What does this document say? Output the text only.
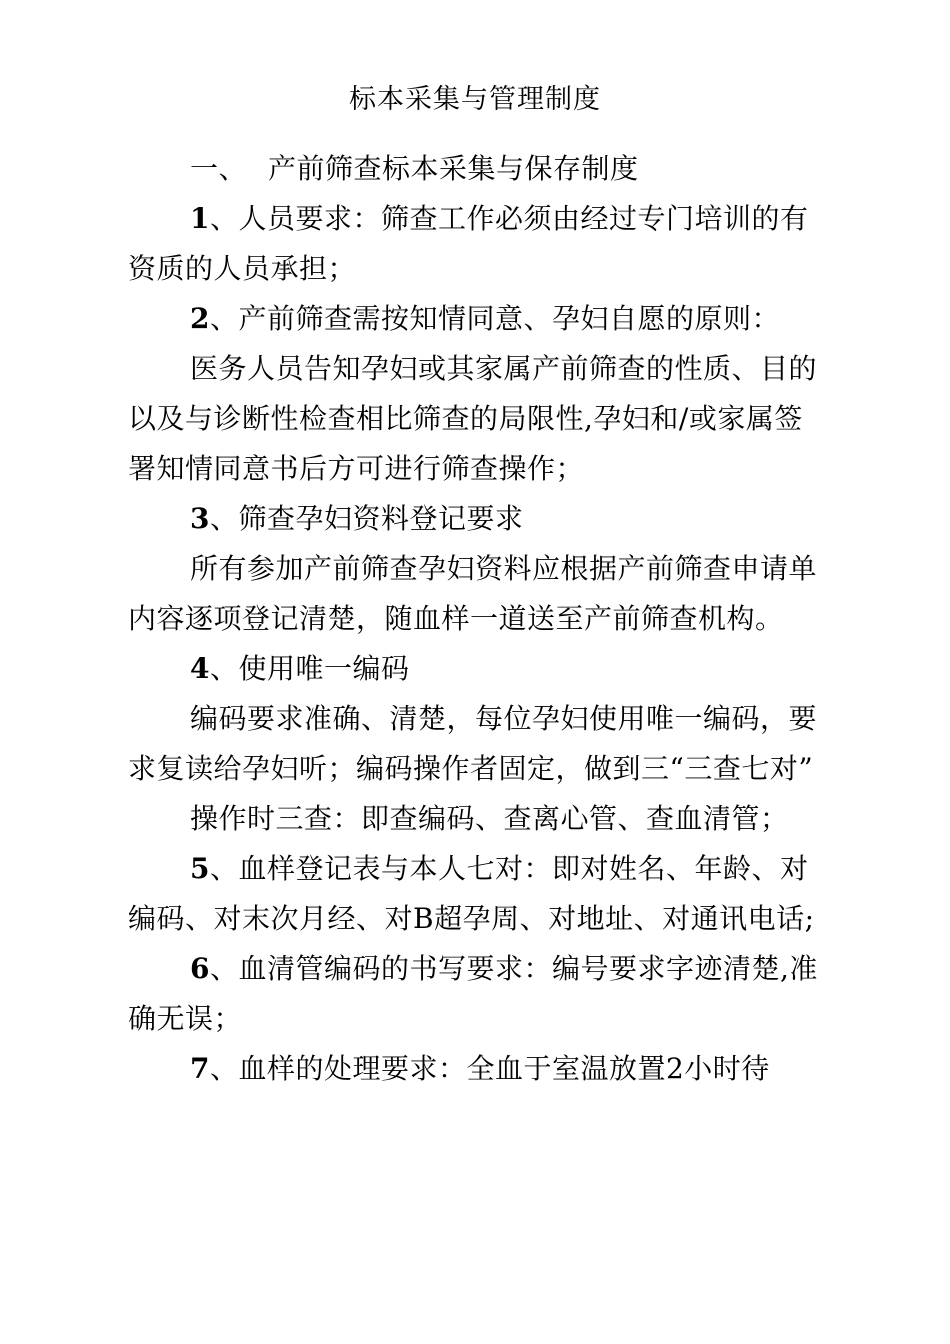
标本采集与管理制度

一、 产前筛查标本采集与保存制度

1、人员要求：筛查工作必须由经过专门培训的有资质的人员承担；

2、产前筛查需按知情同意、孕妇自愿的原则：

医务人员告知孕妇或其家属产前筛查的性质、目的以及与诊断性检查相比筛查的局限性,孕妇和/或家属签署知情同意书后方可进行筛查操作；

3、筛查孕妇资料登记要求

所有参加产前筛查孕妇资料应根据产前筛查申请单内容逐项登记清楚，随血样一道送至产前筛查机构。

4、使用唯一编码

编码要求准确、清楚，每位孕妇使用唯一编码，要求复读给孕妇听；编码操作者固定，做到三“三查七对”

操作时三查：即查编码、查离心管、查血清管；

5、血样登记表与本人七对：即对姓名、年龄、对编码、对末次月经、对B超孕周、对地址、对通讯电话;

6、血清管编码的书写要求：编号要求字迹清楚,准确无误；

7、血样的处理要求：全血于室温放置2小时待
